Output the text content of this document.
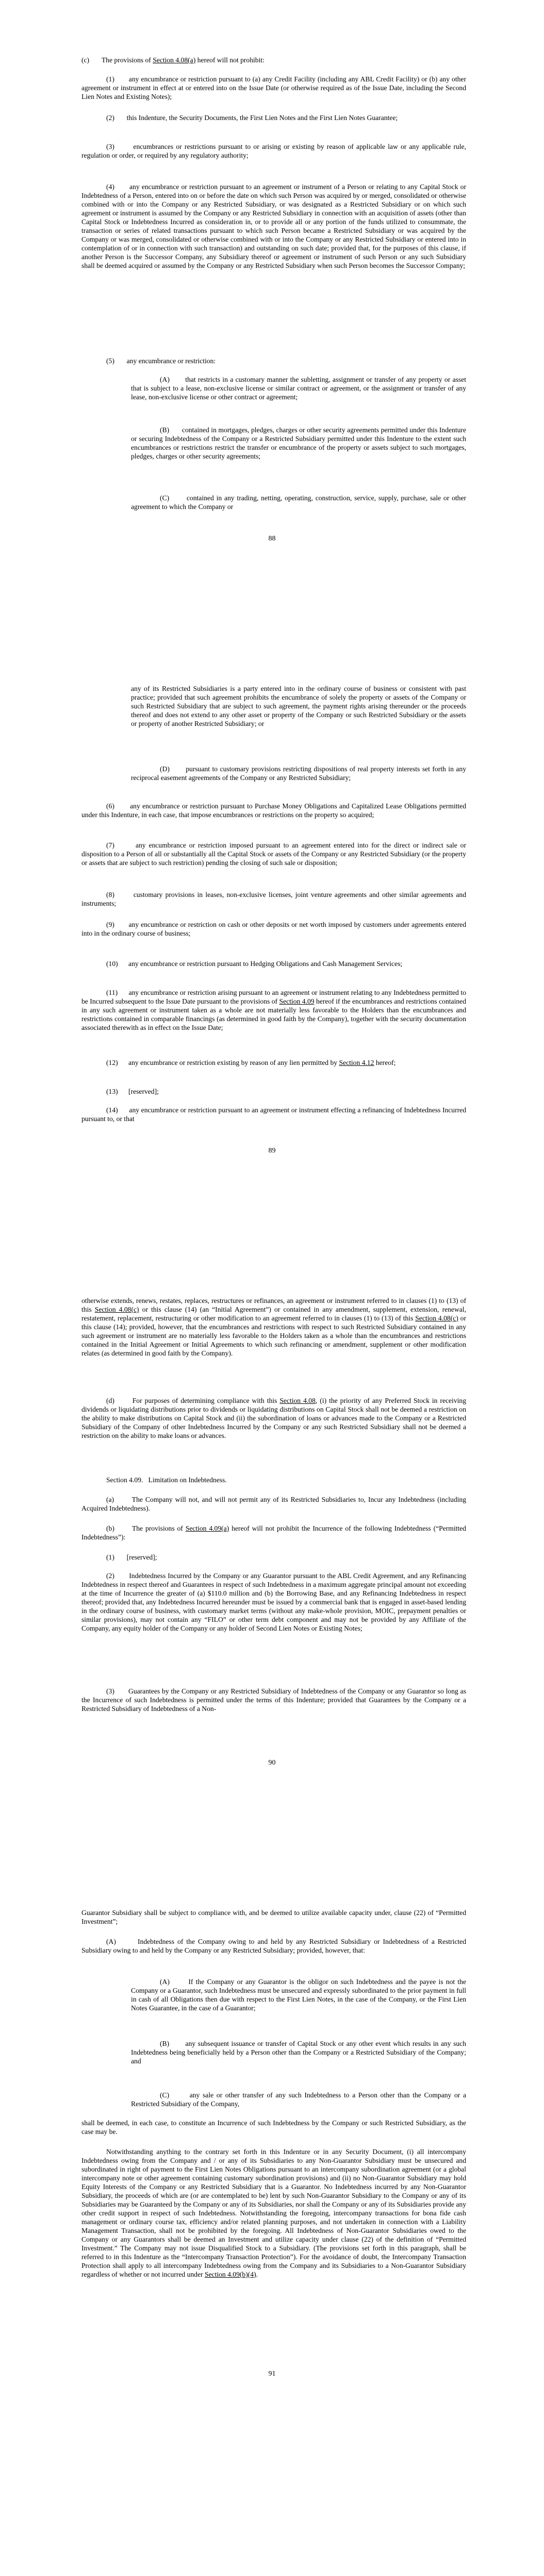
(c)       The provisions of Section 4.08(a) hereof will not prohibit:
(1)       any encumbrance or restriction pursuant to (a) any Credit Facility (including any ABL Credit Facility) or (b) any other agreement or instrument in effect at or entered into on the Issue Date (or otherwise required as of the Issue Date, including the Second Lien Notes and Existing Notes);
(2)       this Indenture, the Security Documents, the First Lien Notes and the First Lien Notes Guarantee;
(3)       encumbrances or restrictions pursuant to or arising or existing by reason of applicable law or any applicable rule, regulation or order, or required by any regulatory authority;
(4)       any encumbrance or restriction pursuant to an agreement or instrument of a Person or relating to any Capital Stock or Indebtedness of a Person, entered into on or before the date on which such Person was acquired by or merged, consolidated or otherwise combined with or into the Company or any Restricted Subsidiary, or was designated as a Restricted Subsidiary or on which such agreement or instrument is assumed by the Company or any Restricted Subsidiary in connection with an acquisition of assets (other than Capital Stock or Indebtedness Incurred as consideration in, or to provide all or any portion of the funds utilized to consummate, the transaction or series of related transactions pursuant to which such Person became a Restricted Subsidiary or was acquired by the Company or was merged, consolidated or otherwise combined with or into the Company or any Restricted Subsidiary or entered into in contemplation of or in connection with such transaction) and outstanding on such date; provided that, for the purposes of this clause, if another Person is the Successor Company, any Subsidiary thereof or agreement or instrument of such Person or any such Subsidiary shall be deemed acquired or assumed by the Company or any Restricted Subsidiary when such Person becomes the Successor Company;
(5)       any encumbrance or restriction:
(A)       that restricts in a customary manner the subletting, assignment or transfer of any property or asset that is subject to a lease, non-exclusive license or similar contract or agreement, or the assignment or transfer of any lease, non-exclusive license or other contract or agreement;
(B)       contained in mortgages, pledges, charges or other security agreements permitted under this Indenture or securing Indebtedness of the Company or a Restricted Subsidiary permitted under this Indenture to the extent such encumbrances or restrictions restrict the transfer or encumbrance of the property or assets subject to such mortgages, pledges, charges or other security agreements;
(C)       contained in any trading, netting, operating, construction, service, supply, purchase, sale or other agreement to which the Company or
88
any of its Restricted Subsidiaries is a party entered into in the ordinary course of business or consistent with past practice; provided that such agreement prohibits the encumbrance of solely the property or assets of the Company or such Restricted Subsidiary that are subject to such agreement, the payment rights arising thereunder or the proceeds thereof and does not extend to any other asset or property of the Company or such Restricted Subsidiary or the assets or property of another Restricted Subsidiary; or
(D)       pursuant to customary provisions restricting dispositions of real property interests set forth in any reciprocal easement agreements of the Company or any Restricted Subsidiary;
(6)       any encumbrance or restriction pursuant to Purchase Money Obligations and Capitalized Lease Obligations permitted under this Indenture, in each case, that impose encumbrances or restrictions on the property so acquired;
(7)       any encumbrance or restriction imposed pursuant to an agreement entered into for the direct or indirect sale or disposition to a Person of all or substantially all the Capital Stock or assets of the Company or any Restricted Subsidiary (or the property or assets that are subject to such restriction) pending the closing of such sale or disposition;
(8)       customary provisions in leases, non-exclusive licenses, joint venture agreements and other similar agreements and instruments;
(9)       any encumbrance or restriction on cash or other deposits or net worth imposed by customers under agreements entered into in the ordinary course of business;
(10)      any encumbrance or restriction pursuant to Hedging Obligations and Cash Management Services;
(11)      any encumbrance or restriction arising pursuant to an agreement or instrument relating to any Indebtedness permitted to be Incurred subsequent to the Issue Date pursuant to the provisions of Section 4.09 hereof if the encumbrances and restrictions contained in any such agreement or instrument taken as a whole are not materially less favorable to the Holders than the encumbrances and restrictions contained in comparable financings (as determined in good faith by the Company), together with the security documentation associated therewith as in effect on the Issue Date;
(12)      any encumbrance or restriction existing by reason of any lien permitted by Section 4.12 hereof;
(13)      [reserved];
(14)      any encumbrance or restriction pursuant to an agreement or instrument effecting a refinancing of Indebtedness Incurred pursuant to, or that
89
otherwise extends, renews, restates, replaces, restructures or refinances, an agreement or instrument referred to in clauses (1) to (13) of this Section 4.08(c) or this clause (14) (an “Initial Agreement”) or contained in any amendment, supplement, extension, renewal, restatement, replacement, restructuring or other modification to an agreement referred to in clauses (1) to (13) of this Section 4.08(c) or this clause (14); provided, however, that the encumbrances and restrictions with respect to such Restricted Subsidiary contained in any such agreement or instrument are no materially less favorable to the Holders taken as a whole than the encumbrances and restrictions contained in the Initial Agreement or Initial Agreements to which such refinancing or amendment, supplement or other modification relates (as determined in good faith by the Company).
(d)       For purposes of determining compliance with this Section 4.08, (i) the priority of any Preferred Stock in receiving dividends or liquidating distributions prior to dividends or liquidating distributions on Capital Stock shall not be deemed a restriction on the ability to make distributions on Capital Stock and (ii) the subordination of loans or advances made to the Company or a Restricted Subsidiary of the Company of other Indebtedness Incurred by the Company or any such Restricted Subsidiary shall not be deemed a restriction on the ability to make loans or advances.
Section 4.09.   Limitation on Indebtedness.
(a)       The Company will not, and will not permit any of its Restricted Subsidiaries to, Incur any Indebtedness (including Acquired Indebtedness).
(b)       The provisions of Section 4.09(a) hereof will not prohibit the Incurrence of the following Indebtedness (“Permitted Indebtedness”):
(1)       [reserved];
(2)       Indebtedness Incurred by the Company or any Guarantor pursuant to the ABL Credit Agreement, and any Refinancing Indebtedness in respect thereof and Guarantees in respect of such Indebtedness in a maximum aggregate principal amount not exceeding at the time of Incurrence the greater of (a) $110.0 million and (b) the Borrowing Base, and any Refinancing Indebtedness in respect thereof; provided that, any Indebtedness Incurred hereunder must be issued by a commercial bank that is engaged in asset-based lending in the ordinary course of business, with customary market terms (without any make-whole provision, MOIC, prepayment penalties or similar provisions), may not contain any “FILO” or other term debt component and may not be provided by any Affiliate of the Company, any equity holder of the Company or any holder of Second Lien Notes or Existing Notes;
(3)       Guarantees by the Company or any Restricted Subsidiary of Indebtedness of the Company or any Guarantor so long as the Incurrence of such Indebtedness is permitted under the terms of this Indenture; provided that Guarantees by the Company or a Restricted Subsidiary of Indebtedness of a Non-
90
Guarantor Subsidiary shall be subject to compliance with, and be deemed to utilize available capacity under, clause (22) of “Permitted Investment”;
(A)       Indebtedness of the Company owing to and held by any Restricted Subsidiary or Indebtedness of a Restricted Subsidiary owing to and held by the Company or any Restricted Subsidiary; provided, however, that:
(A)       If the Company or any Guarantor is the obligor on such Indebtedness and the payee is not the Company or a Guarantor, such Indebtedness must be unsecured and expressly subordinated to the prior payment in full in cash of all Obligations then due with respect to the First Lien Notes, in the case of the Company, or the First Lien Notes Guarantee, in the case of a Guarantor;
(B)       any subsequent issuance or transfer of Capital Stock or any other event which results in any such Indebtedness being beneficially held by a Person other than the Company or a Restricted Subsidiary of the Company; and
(C)       any sale or other transfer of any such Indebtedness to a Person other than the Company or a Restricted Subsidiary of the Company,
shall be deemed, in each case, to constitute an Incurrence of such Indebtedness by the Company or such Restricted Subsidiary, as the case may be.
Notwithstanding anything to the contrary set forth in this Indenture or in any Security Document, (i) all intercompany Indebtedness owing from the Company and / or any of its Subsidiaries to any Non-Guarantor Subsidiary must be unsecured and subordinated in right of payment to the First Lien Notes Obligations pursuant to an intercompany subordination agreement (or a global intercompany note or other agreement containing customary subordination provisions) and (ii) no Non-Guarantor Subsidiary may hold Equity Interests of the Company or any Restricted Subsidiary that is a Guarantor. No Indebtedness incurred by any Non-Guarantor Subsidiary, the proceeds of which are (or are contemplated to be) lent by such Non-Guarantor Subsidiary to the Company or any of its Subsidiaries may be Guaranteed by the Company or any of its Subsidiaries, nor shall the Company or any of its Subsidiaries provide any other credit support in respect of such Indebtedness. Notwithstanding the foregoing, intercompany transactions for bona fide cash management or ordinary course tax, efficiency and/or related planning purposes, and not undertaken in connection with a Liability Management Transaction, shall not be prohibited by the foregoing. All Indebtedness of Non-Guarantor Subsidiaries owed to the Company or any Guarantors shall be deemed an Investment and utilize capacity under clause (22) of the definition of “Permitted Investment.” The Company may not issue Disqualified Stock to a Subsidiary. (The provisions set forth in this paragraph, shall be referred to in this Indenture as the “Intercompany Transaction Protection”). For the avoidance of doubt, the Intercompany Transaction Protection shall apply to all intercompany Indebtedness owing from the Company and its Subsidiaries to a Non-Guarantor Subsidiary regardless of whether or not incurred under Section 4.09(b)(4).
91
